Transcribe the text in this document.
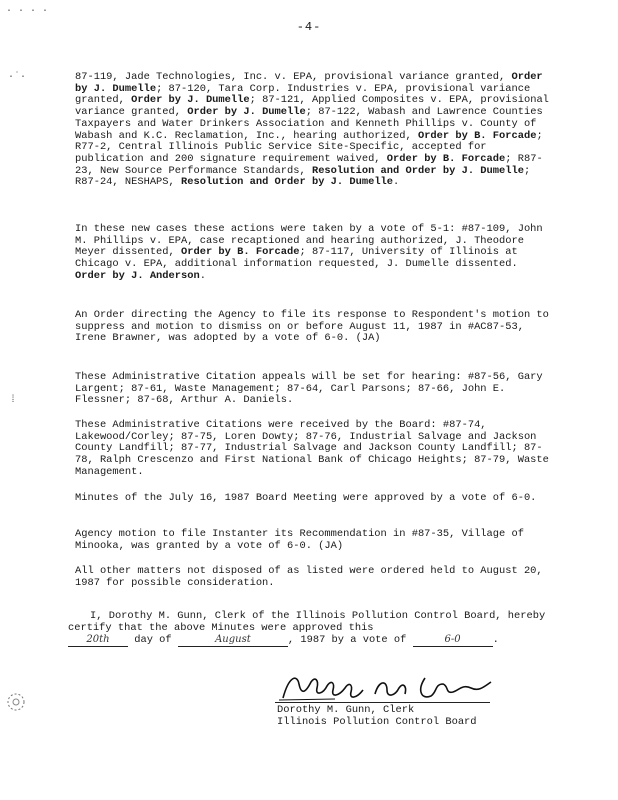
· · · ·
·˙·
⁞
-4-
87-119, Jade Technologies, Inc. v. EPA, provisional variance granted, Order by J. Dumelle; 87-120, Tara Corp. Industries v. EPA, provisional variance granted, Order by J. Dumelle; 87-121, Applied Composites v. EPA, provisional variance granted, Order by J. Dumelle; 87-122, Wabash and Lawrence Counties Taxpayers and Water Drinkers Association and Kenneth Phillips v. County of Wabash and K.C. Reclamation, Inc., hearing authorized, Order by B. Forcade; R77-2, Central Illinois Public Service Site-Specific, accepted for publication and 200 signature requirement waived, Order by B. Forcade; R87-23, New Source Performance Standards, Resolution and Order by J. Dumelle; R87-24, NESHAPS, Resolution and Order by J. Dumelle.
In these new cases these actions were taken by a vote of 5-1: #87-109, John M. Phillips v. EPA, case recaptioned and hearing authorized, J. Theodore Meyer dissented, Order by B. Forcade; 87-117, University of Illinois at Chicago v. EPA, additional information requested, J. Dumelle dissented. Order by J. Anderson.
An Order directing the Agency to file its response to Respondent's motion to suppress and motion to dismiss on or before August 11, 1987 in #AC87-53, Irene Brawner, was adopted by a vote of 6-0. (JA)
These Administrative Citation appeals will be set for hearing: #87-56, Gary Largent; 87-61, Waste Management; 87-64, Carl Parsons; 87-66, John E. Flessner; 87-68, Arthur A. Daniels.
These Administrative Citations were received by the Board: #87-74, Lakewood/Corley; 87-75, Loren Dowty; 87-76, Industrial Salvage and Jackson County Landfill; 87-77, Industrial Salvage and Jackson County Landfill; 87-78, Ralph Crescenzo and First National Bank of Chicago Heights; 87-79, Waste Management.
Minutes of the July 16, 1987 Board Meeting were approved by a vote of 6-0.
Agency motion to file Instanter its Recommendation in #87-35, Village of Minooka, was granted by a vote of 6-0. (JA)
All other matters not disposed of as listed were ordered held to August 20, 1987 for possible consideration.
I, Dorothy M. Gunn, Clerk of the Illinois Pollution Control Board, hereby certify that the above Minutes were approved this
20th day of	August	, 1987 by a vote of	6-0	.
Dorothy M. Gunn, Clerk
Illinois Pollution Control Board
